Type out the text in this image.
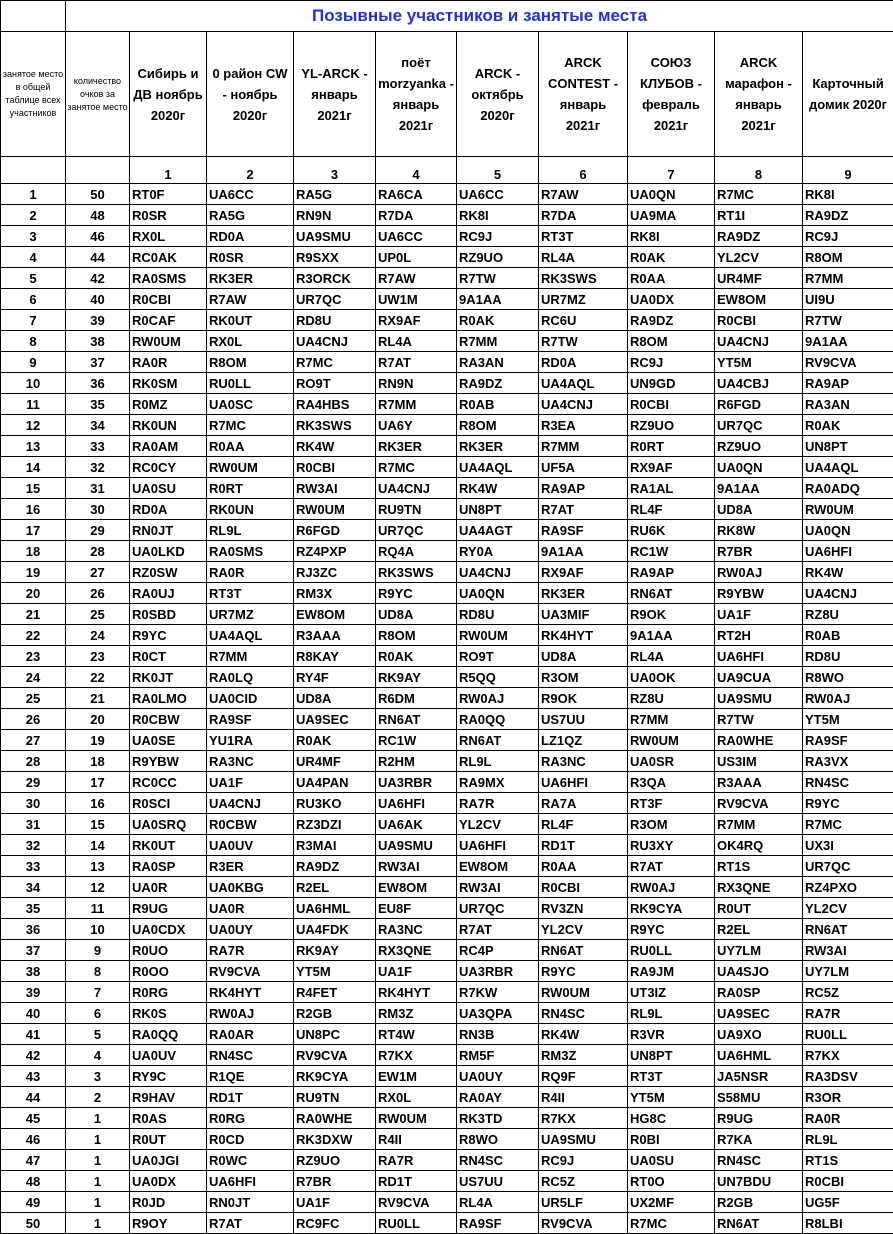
	Позывные участников и занятые места									
занятое место в общей таблице всех участников	количество очков за занятое место	Сибирь и ДВ ноябрь 2020г	0 район CW - ноябрь 2020г	YL-ARCK - январь 2021г	поёт morzyanka - январь 2021г	ARCK - октябрь 2020г	ARCK CONTEST - январь 2021г	СОЮЗ КЛУБОВ - февраль 2021г	ARCK марафон - январь 2021г	Карточный домик 2020г
		1	2	3	4	5	6	7	8	9
1	50	RT0F	UA6CC	RA5G	RA6CA	UA6CC	R7AW	UA0QN	R7MC	RK8I
2	48	R0SR	RA5G	RN9N	R7DA	RK8I	R7DA	UA9MA	RT1I	RA9DZ
3	46	RX0L	RD0A	UA9SMU	UA6CC	RC9J	RT3T	RK8I	RA9DZ	RC9J
4	44	RC0AK	R0SR	R9SXX	UP0L	RZ9UO	RL4A	R0AK	YL2CV	R8OM
5	42	RA0SMS	RK3ER	R3ORCK	R7AW	R7TW	RK3SWS	R0AA	UR4MF	R7MM
6	40	R0CBI	R7AW	UR7QC	UW1M	9A1AA	UR7MZ	UA0DX	EW8OM	UI9U
7	39	R0CAF	RK0UT	RD8U	RX9AF	R0AK	RC6U	RA9DZ	R0CBI	R7TW
8	38	RW0UM	RX0L	UA4CNJ	RL4A	R7MM	R7TW	R8OM	UA4CNJ	9A1AA
9	37	RA0R	R8OM	R7MC	R7AT	RA3AN	RD0A	RC9J	YT5M	RV9CVA
10	36	RK0SM	RU0LL	RO9T	RN9N	RA9DZ	UA4AQL	UN9GD	UA4CBJ	RA9AP
11	35	R0MZ	UA0SC	RA4HBS	R7MM	R0AB	UA4CNJ	R0CBI	R6FGD	RA3AN
12	34	RK0UN	R7MC	RK3SWS	UA6Y	R8OM	R3EA	RZ9UO	UR7QC	R0AK
13	33	RA0AM	R0AA	RK4W	RK3ER	RK3ER	R7MM	R0RT	RZ9UO	UN8PT
14	32	RC0CY	RW0UM	R0CBI	R7MC	UA4AQL	UF5A	RX9AF	UA0QN	UA4AQL
15	31	UA0SU	R0RT	RW3AI	UA4CNJ	RK4W	RA9AP	RA1AL	9A1AA	RA0ADQ
16	30	RD0A	RK0UN	RW0UM	RU9TN	UN8PT	R7AT	RL4F	UD8A	RW0UM
17	29	RN0JT	RL9L	R6FGD	UR7QC	UA4AGT	RA9SF	RU6K	RK8W	UA0QN
18	28	UA0LKD	RA0SMS	RZ4PXP	RQ4A	RY0A	9A1AA	RC1W	R7BR	UA6HFI
19	27	RZ0SW	RA0R	RJ3ZC	RK3SWS	UA4CNJ	RX9AF	RA9AP	RW0AJ	RK4W
20	26	RA0UJ	RT3T	RM3X	R9YC	UA0QN	RK3ER	RN6AT	R9YBW	UA4CNJ
21	25	R0SBD	UR7MZ	EW8OM	UD8A	RD8U	UA3MIF	R9OK	UA1F	RZ8U
22	24	R9YC	UA4AQL	R3AAA	R8OM	RW0UM	RK4HYT	9A1AA	RT2H	R0AB
23	23	R0CT	R7MM	R8KAY	R0AK	RO9T	UD8A	RL4A	UA6HFI	RD8U
24	22	RK0JT	RA0LQ	RY4F	RK9AY	R5QQ	R3OM	UA0OK	UA9CUA	R8WO
25	21	RA0LMO	UA0CID	UD8A	R6DM	RW0AJ	R9OK	RZ8U	UA9SMU	RW0AJ
26	20	R0CBW	RA9SF	UA9SEC	RN6AT	RA0QQ	US7UU	R7MM	R7TW	YT5M
27	19	UA0SE	YU1RA	R0AK	RC1W	RN6AT	LZ1QZ	RW0UM	RA0WHE	RA9SF
28	18	R9YBW	RA3NC	UR4MF	R2HM	RL9L	RA3NC	UA0SR	US3IM	RA3VX
29	17	RC0CC	UA1F	UA4PAN	UA3RBR	RA9MX	UA6HFI	R3QA	R3AAA	RN4SC
30	16	R0SCI	UA4CNJ	RU3KO	UA6HFI	RA7R	RA7A	RT3F	RV9CVA	R9YC
31	15	UA0SRQ	R0CBW	RZ3DZI	UA6AK	YL2CV	RL4F	R3OM	R7MM	R7MC
32	14	RK0UT	UA0UV	R3MAI	UA9SMU	UA6HFI	RD1T	RU3XY	OK4RQ	UX3I
33	13	RA0SP	R3ER	RA9DZ	RW3AI	EW8OM	R0AA	R7AT	RT1S	UR7QC
34	12	UA0R	UA0KBG	R2EL	EW8OM	RW3AI	R0CBI	RW0AJ	RX3QNE	RZ4PXO
35	11	R9UG	UA0R	UA6HML	EU8F	UR7QC	RV3ZN	RK9CYA	R0UT	YL2CV
36	10	UA0CDX	UA0UY	UA4FDK	RA3NC	R7AT	YL2CV	R9YC	R2EL	RN6AT
37	9	R0UO	RA7R	RK9AY	RX3QNE	RC4P	RN6AT	RU0LL	UY7LM	RW3AI
38	8	R0OO	RV9CVA	YT5M	UA1F	UA3RBR	R9YC	RA9JM	UA4SJO	UY7LM
39	7	R0RG	RK4HYT	R4FET	RK4HYT	R7KW	RW0UM	UT3IZ	RA0SP	RC5Z
40	6	RK0S	RW0AJ	R2GB	RM3Z	UA3QPA	RN4SC	RL9L	UA9SEC	RA7R
41	5	RA0QQ	RA0AR	UN8PC	RT4W	RN3B	RK4W	R3VR	UA9XO	RU0LL
42	4	UA0UV	RN4SC	RV9CVA	R7KX	RM5F	RM3Z	UN8PT	UA6HML	R7KX
43	3	RY9C	R1QE	RK9CYA	EW1M	UA0UY	RQ9F	RT3T	JA5NSR	RA3DSV
44	2	R9HAV	RD1T	RU9TN	RX0L	RA0AY	R4II	YT5M	S58MU	R3OR
45	1	R0AS	R0RG	RA0WHE	RW0UM	RK3TD	R7KX	HG8C	R9UG	RA0R
46	1	R0UT	R0CD	RK3DXW	R4II	R8WO	UA9SMU	R0BI	R7KA	RL9L
47	1	UA0JGI	R0WC	RZ9UO	RA7R	RN4SC	RC9J	UA0SU	RN4SC	RT1S
48	1	UA0DX	UA6HFI	R7BR	RD1T	US7UU	RC5Z	RT0O	UN7BDU	R0CBI
49	1	R0JD	RN0JT	UA1F	RV9CVA	RL4A	UR5LF	UX2MF	R2GB	UG5F
50	1	R9OY	R7AT	RC9FC	RU0LL	RA9SF	RV9CVA	R7MC	RN6AT	R8LBI
